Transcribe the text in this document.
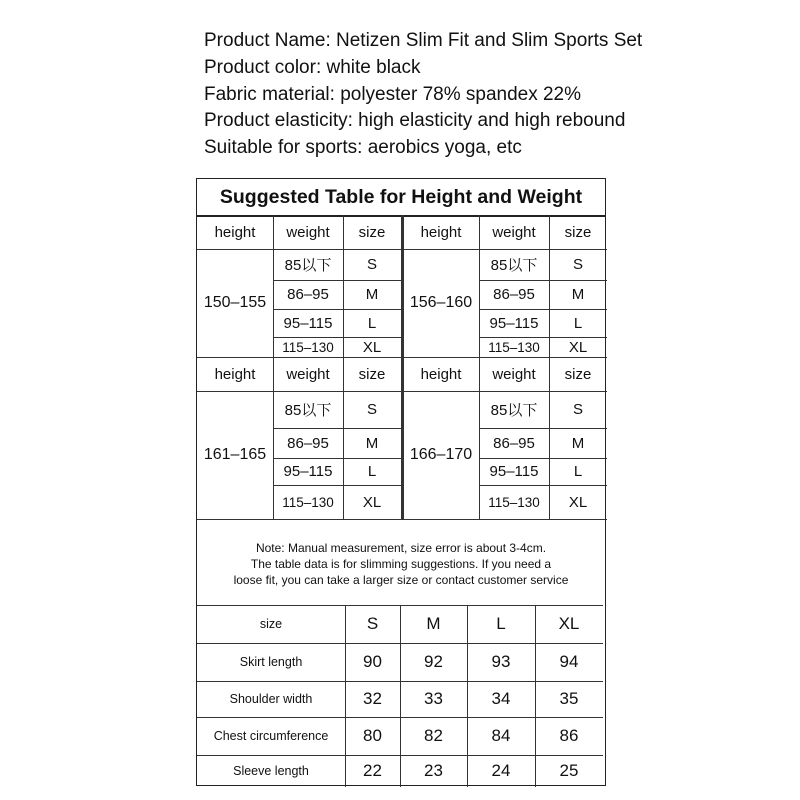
Product Name: Netizen Slim Fit and Slim Sports Set
Product color: white black
Fabric material: polyester 78% spandex 22%
Product elasticity: high elasticity and high rebound
Suitable for sports: aerobics yoga, etc
Suggested Table for Height and Weight
height	weight	size
150–155
85以下	S
86–95	M
95–115	L
115–130	XL
height	weight	size
156–160
85以下	S
86–95	M
95–115	L
115–130	XL
height	weight	size
161–165
85以下	S
86–95	M
95–115	L
115–130	XL
height	weight	size
166–170
85以下	S
86–95	M
95–115	L
115–130	XL
Note: Manual measurement, size error is about 3-4cm.
The table data is for slimming suggestions. If you need a
loose fit, you can take a larger size or contact customer service
size	S	M	L	XL
Skirt length	90	92	93	94
Shoulder width	32	33	34	35
Chest circumference	80	82	84	86
Sleeve length	22	23	24	25
